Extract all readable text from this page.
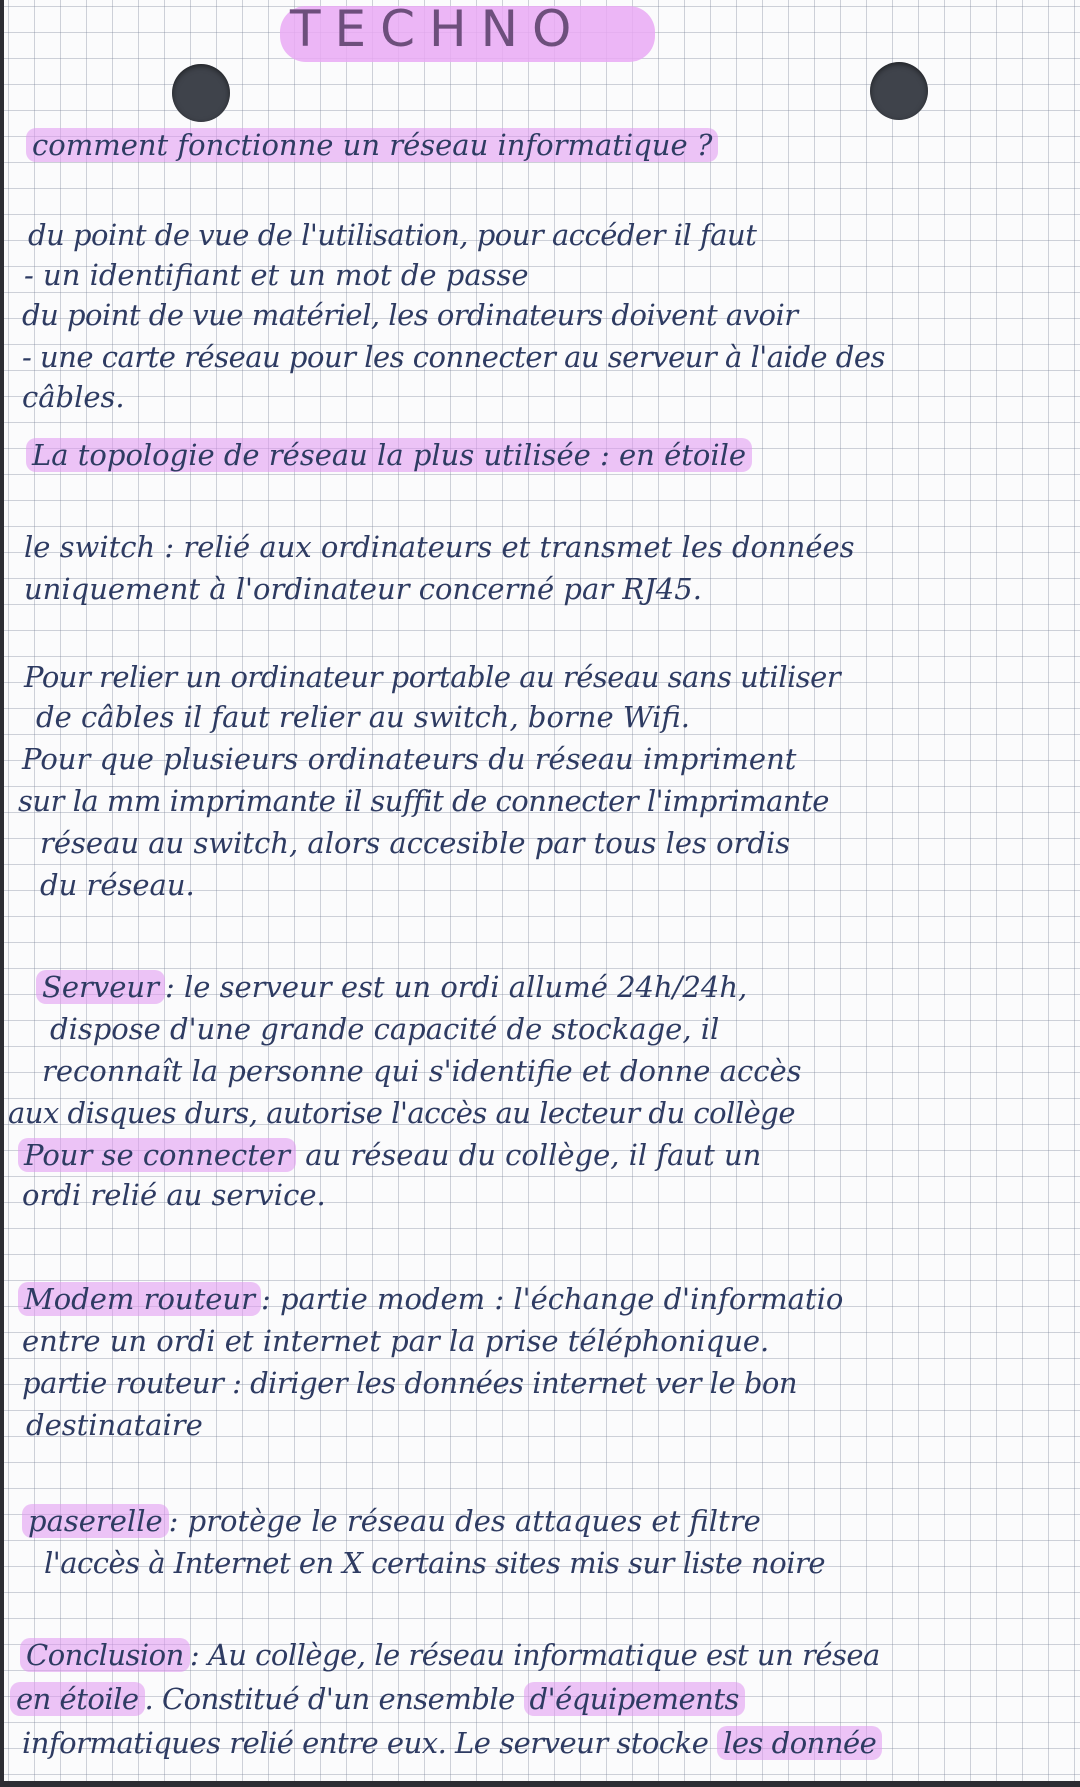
TECHNO
comment fonctionne un réseau informatique ?
du point de vue de l'utilisation, pour accéder il faut
- un identifiant et un mot de passe
du point de vue matériel, les ordinateurs doivent avoir
- une carte réseau pour les connecter au serveur à l'aide des
câbles.
La topologie de réseau la plus utilisée : en étoile
le switch : relié aux ordinateurs et transmet les données
uniquement à l'ordinateur concerné par RJ45.
Pour relier un ordinateur portable au réseau sans utiliser
de câbles il faut relier au switch, borne Wifi.
Pour que plusieurs ordinateurs du réseau impriment
sur la mm imprimante il suffit de connecter l'imprimante
réseau au switch, alors accesible par tous les ordis
du réseau.
Serveur : le serveur est un ordi allumé 24h/24h,
dispose d'une grande capacité de stockage, il
reconnaît la personne qui s'identifie et donne accès
aux disques durs, autorise l'accès au lecteur du collège
Pour se connecter au réseau du collège, il faut un
ordi relié au service.
Modem routeur : partie modem : l'échange d'informatio
entre un ordi et internet par la prise téléphonique.
partie routeur : diriger les données internet ver le bon
destinataire
paserelle : protège le réseau des attaques et filtre
l'accès à Internet en X certains sites mis sur liste noire
Conclusion : Au collège, le réseau informatique est un résea
en étoile . Constitué d'un ensemble d'équipements
informatiques relié entre eux. Le serveur stocke les donnée
